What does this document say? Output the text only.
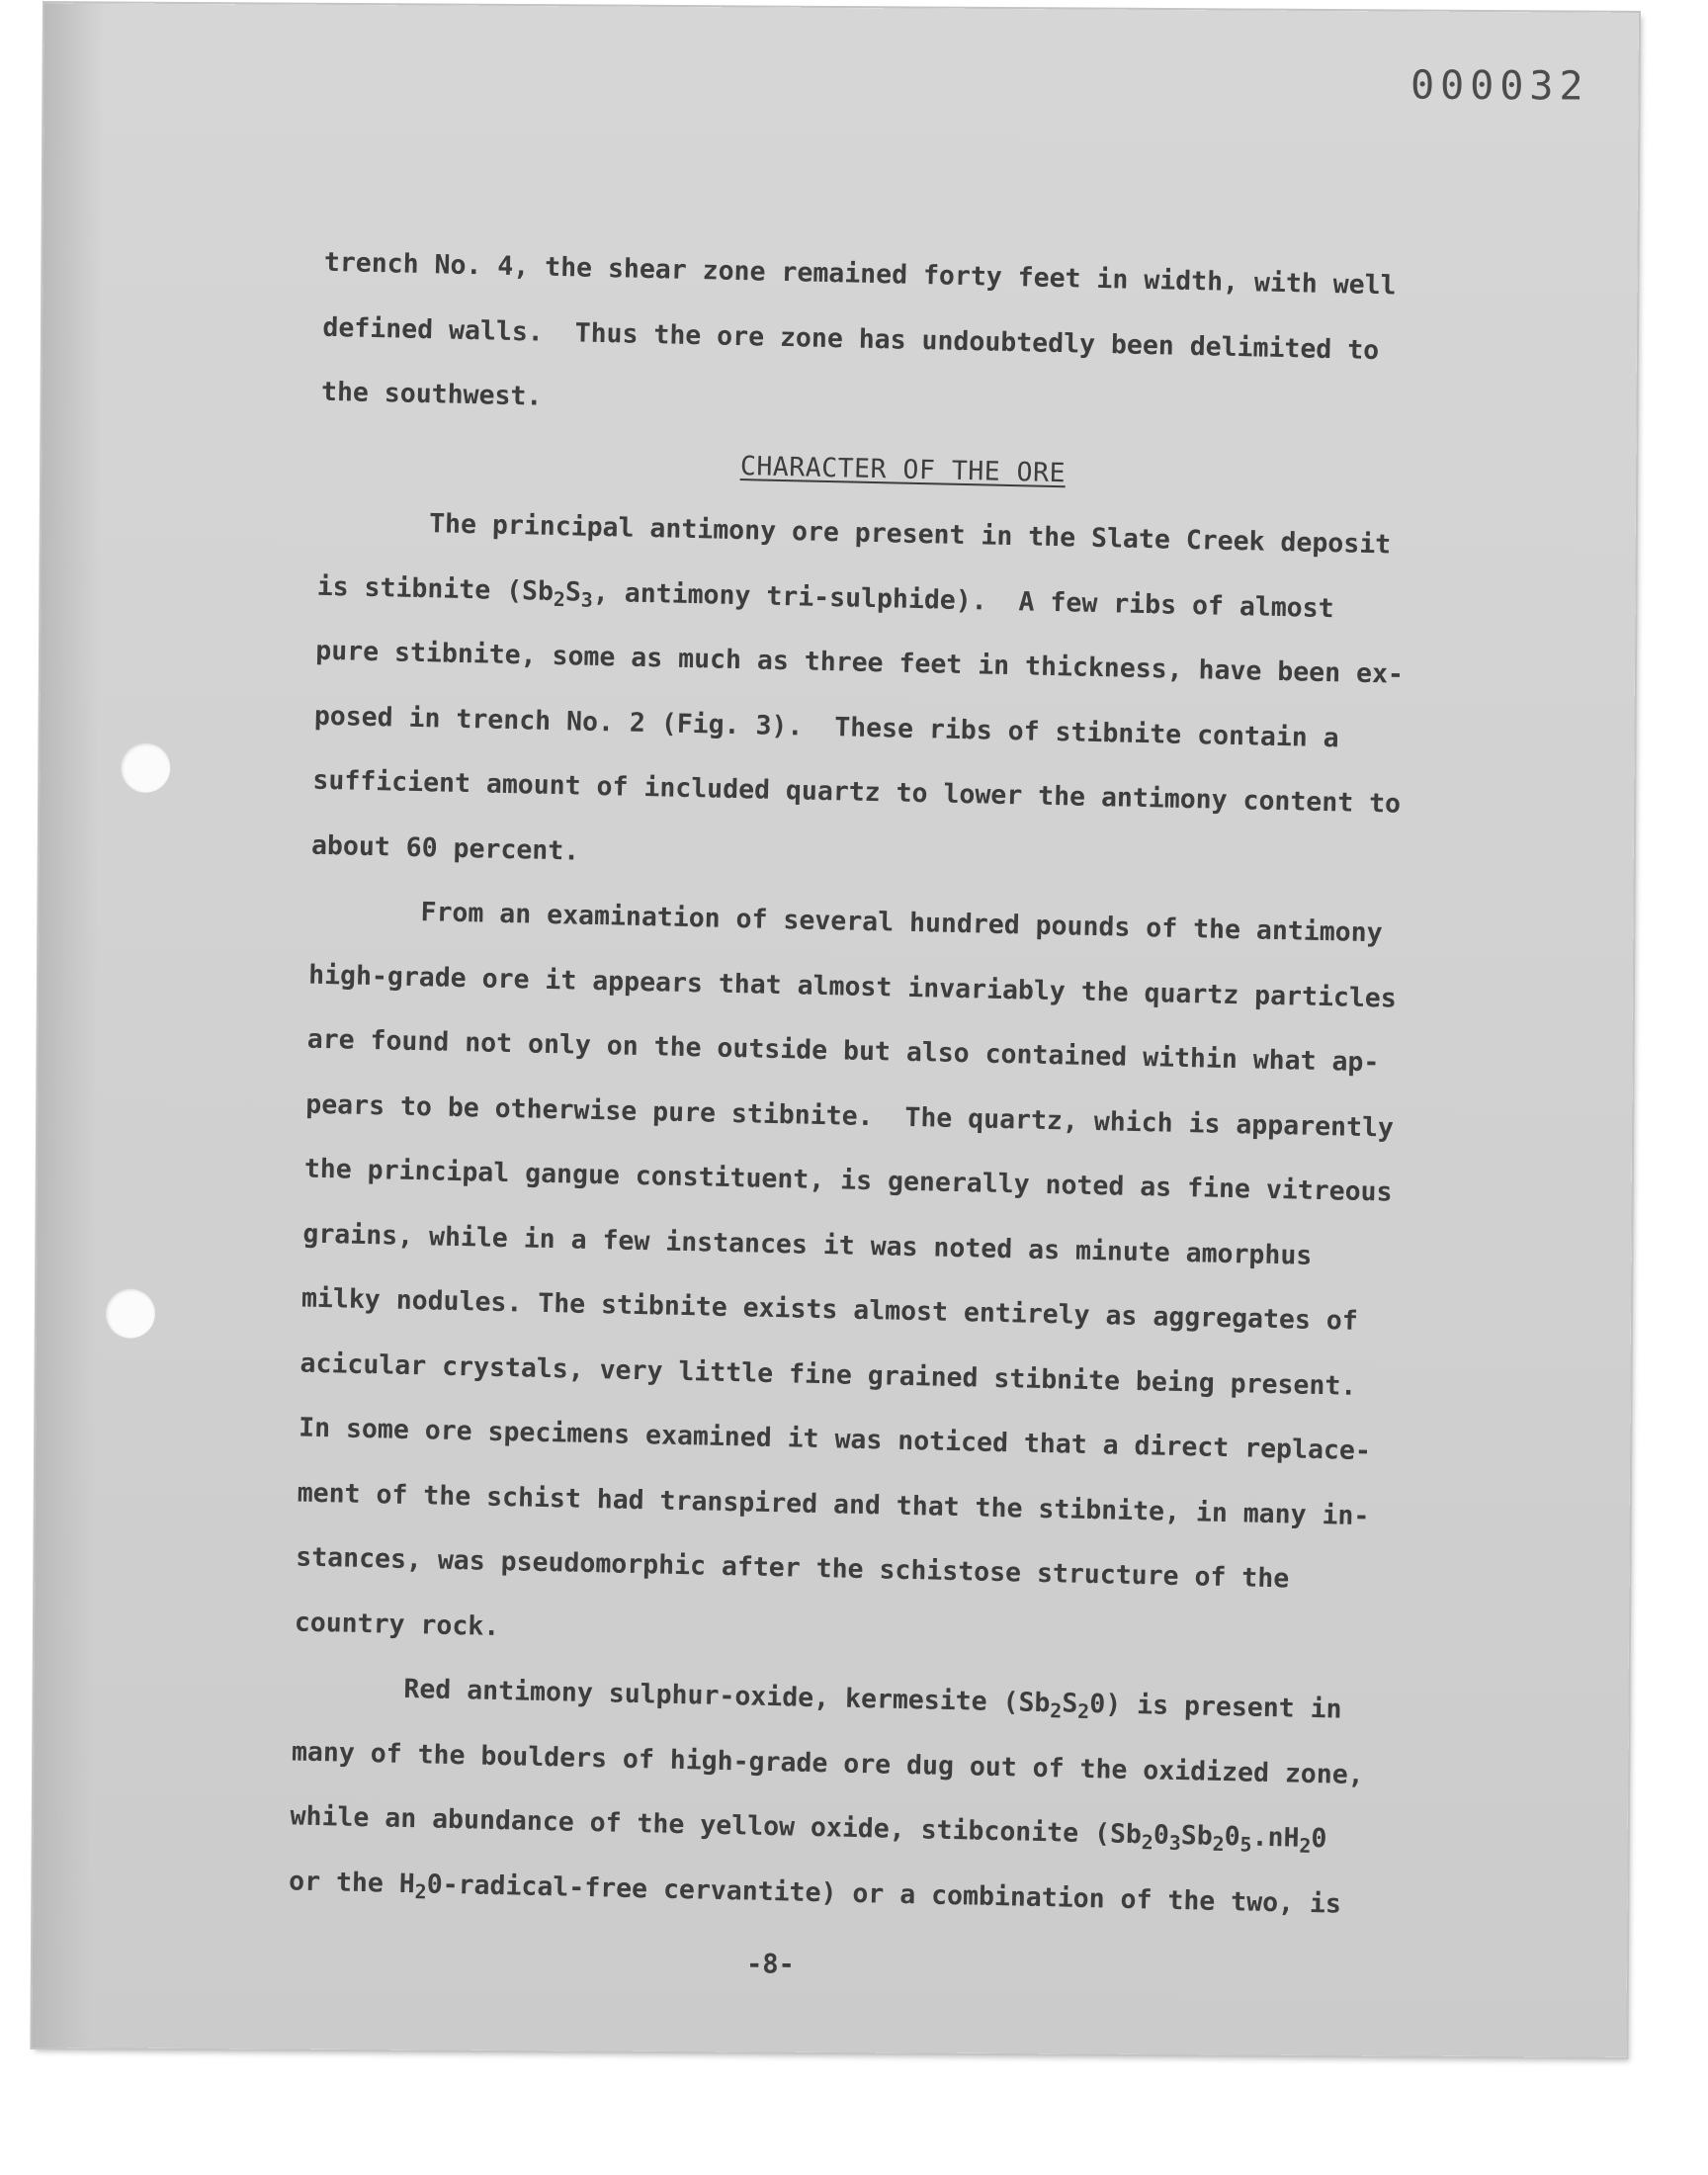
000032
trench No. 4, the shear zone remained forty feet in width, with well
defined walls.  Thus the ore zone has undoubtedly been delimited to
the southwest.
CHARACTER OF THE ORE
The principal antimony ore present in the Slate Creek deposit
is stibnite ($Sb_2S_3$, antimony tri-sulphide).  A few ribs of almost
pure stibnite, some as much as three feet in thickness, have been ex-
posed in trench No. 2 (Fig. 3).  These ribs of stibnite contain a
sufficient amount of included quartz to lower the antimony content to
about 60 percent.
From an examination of several hundred pounds of the antimony
high-grade ore it appears that almost invariably the quartz particles
are found not only on the outside but also contained within what ap-
pears to be otherwise pure stibnite.  The quartz, which is apparently
the principal gangue constituent, is generally noted as fine vitreous
grains, while in a few instances it was noted as minute amorphus
milky nodules. The stibnite exists almost entirely as aggregates of
acicular crystals, very little fine grained stibnite being present.
In some ore specimens examined it was noticed that a direct replace-
ment of the schist had transpired and that the stibnite, in many in-
stances, was pseudomorphic after the schistose structure of the
country rock.
Red antimony sulphur-oxide, kermesite $(Sb_2S_20)$ is present in
many of the boulders of high-grade ore dug out of the oxidized zone,
while an abundance of the yellow oxide, stibconite ($Sb_20_3Sb_20_5.nH_20$
or the $H_20-radical$-free cervantite) or a combination of the two, is
-8-
